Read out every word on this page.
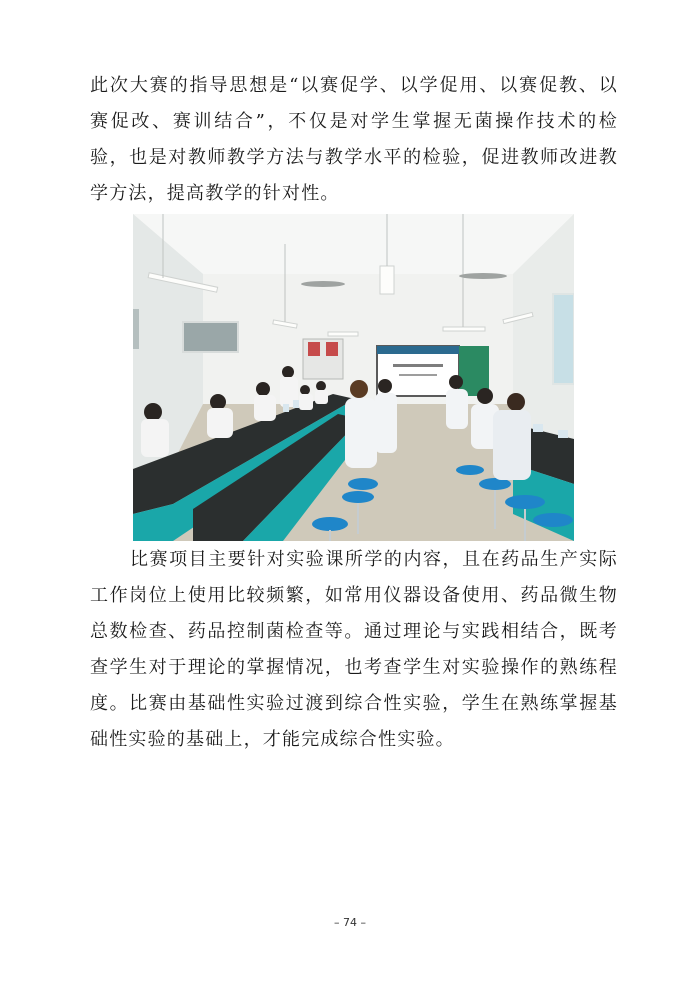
此次大赛的指导思想是“以赛促学、以学促用、以赛促教、以赛促改、赛训结合”，不仅是对学生掌握无菌操作技术的检验，也是对教师教学方法与教学水平的检验，促进教师改进教学方法，提高教学的针对性。

比赛项目主要针对实验课所学的内容，且在药品生产实际工作岗位上使用比较频繁，如常用仪器设备使用、药品微生物总数检查、药品控制菌检查等。通过理论与实践相结合，既考查学生对于理论的掌握情况，也考查学生对实验操作的熟练程度。比赛由基础性实验过渡到综合性实验，学生在熟练掌握基础性实验的基础上，才能完成综合性实验。

– 74 –
